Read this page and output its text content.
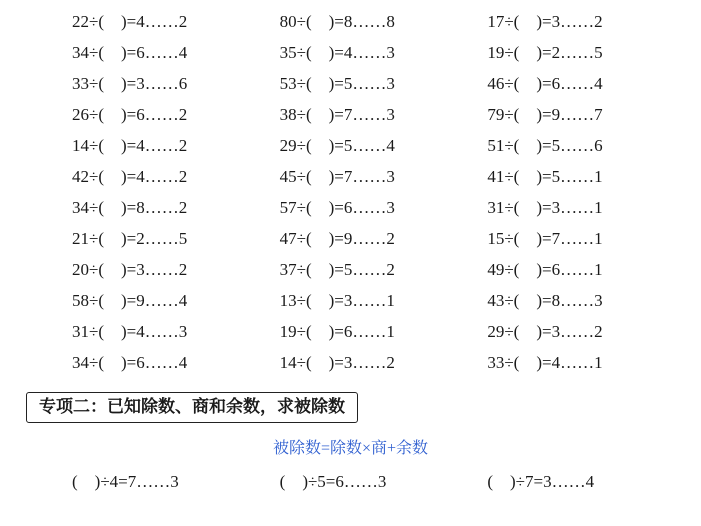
22÷(    )=4……2	80÷(    )=8……8	17÷(    )=3……2
34÷(    )=6……4	35÷(    )=4……3	19÷(    )=2……5
33÷(    )=3……6	53÷(    )=5……3	46÷(    )=6……4
26÷(    )=6……2	38÷(    )=7……3	79÷(    )=9……7
14÷(    )=4……2	29÷(    )=5……4	51÷(    )=5……6
42÷(    )=4……2	45÷(    )=7……3	41÷(    )=5……1
34÷(    )=8……2	57÷(    )=6……3	31÷(    )=3……1
21÷(    )=2……5	47÷(    )=9……2	15÷(    )=7……1
20÷(    )=3……2	37÷(    )=5……2	49÷(    )=6……1
58÷(    )=9……4	13÷(    )=3……1	43÷(    )=8……3
31÷(    )=4……3	19÷(    )=6……1	29÷(    )=3……2
34÷(    )=6……4	14÷(    )=3……2	33÷(    )=4……1
专项二：已知除数、商和余数，求被除数
被除数=除数×商+余数
(    )÷4=7……3	(    )÷5=6……3	(    )÷7=3……4
